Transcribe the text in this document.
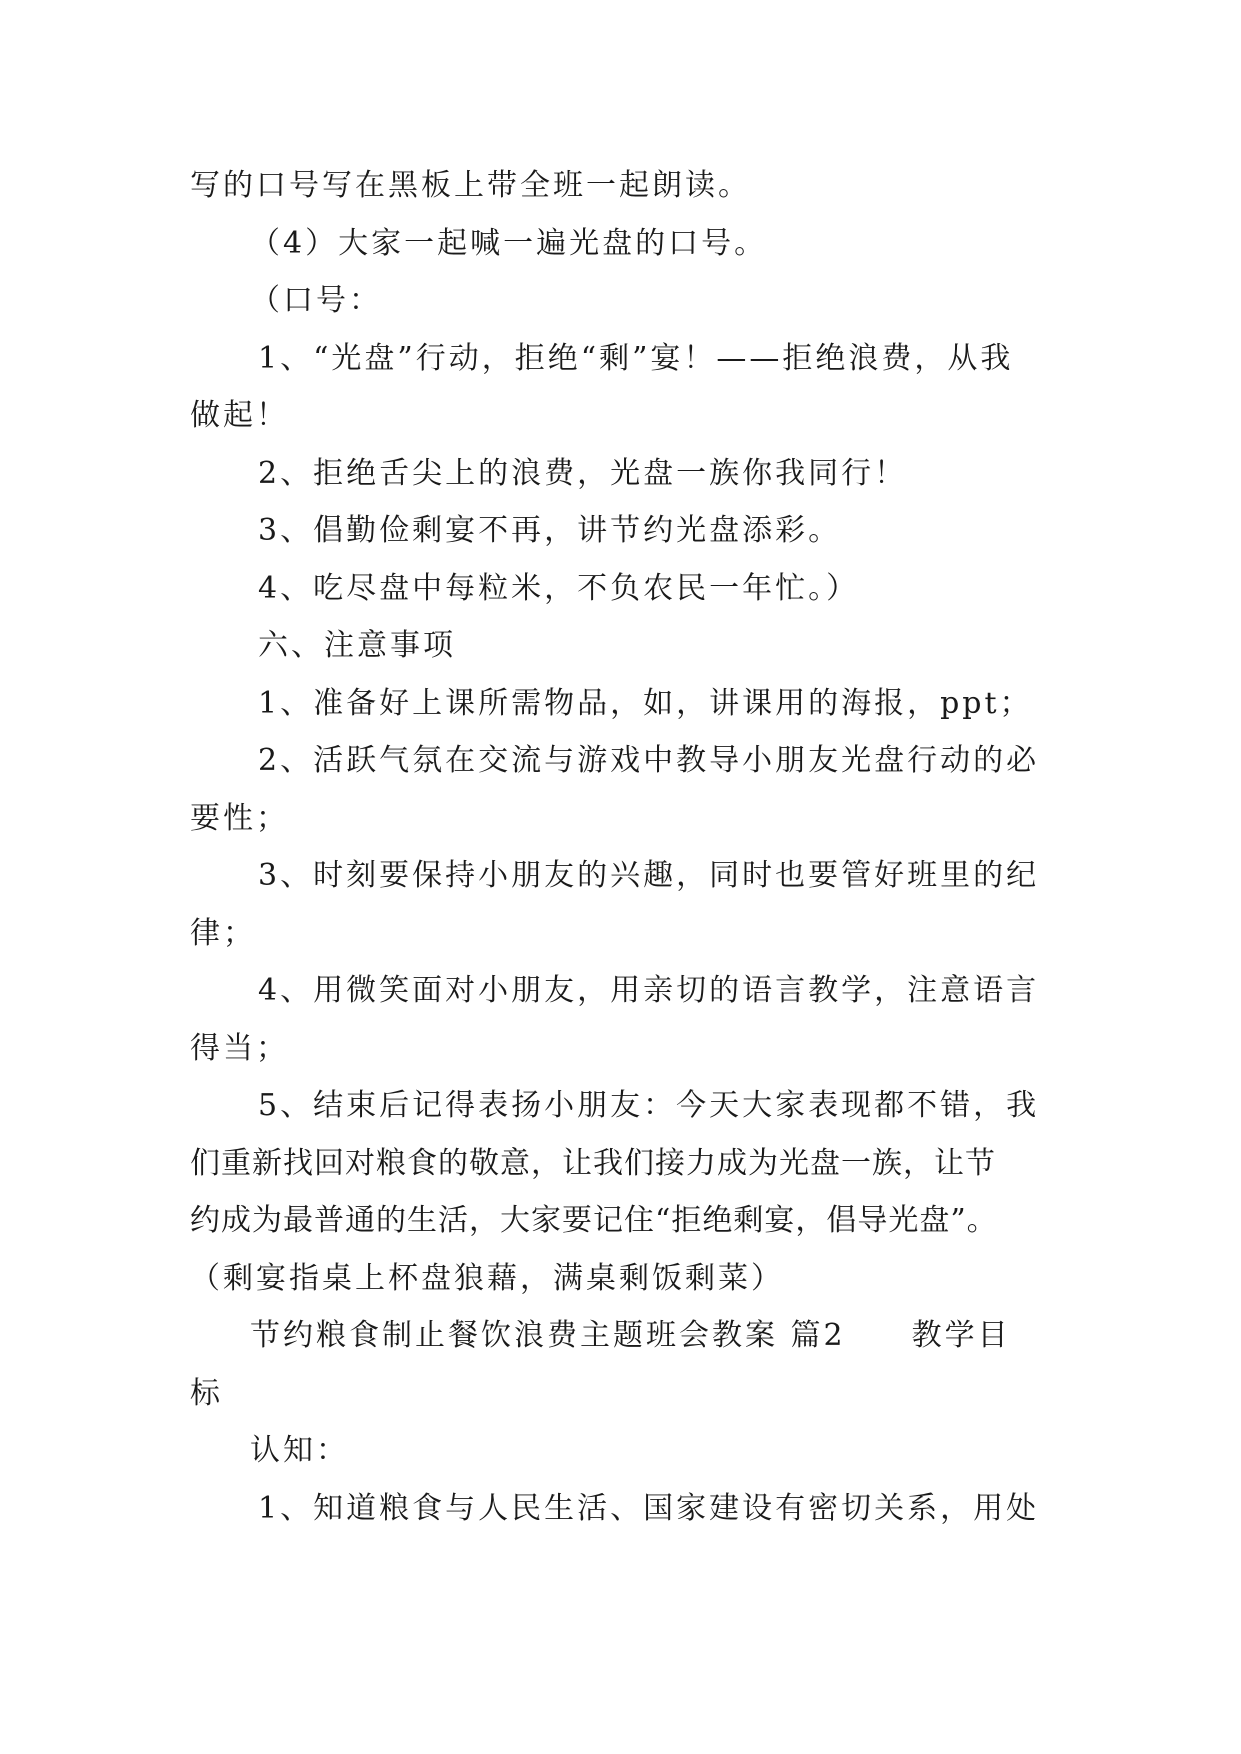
写的口号写在黑板上带全班一起朗读。
（4）大家一起喊一遍光盘的口号。
（口号：
1、“光盘”行动，拒绝“剩”宴！——拒绝浪费，从我
做起！
2、拒绝舌尖上的浪费，光盘一族你我同行！
3、倡勤俭剩宴不再，讲节约光盘添彩。
4、吃尽盘中每粒米，不负农民一年忙。）
六、注意事项
1、准备好上课所需物品，如，讲课用的海报，ppt；
2、活跃气氛在交流与游戏中教导小朋友光盘行动的必
要性；
3、时刻要保持小朋友的兴趣，同时也要管好班里的纪
律；
4、用微笑面对小朋友，用亲切的语言教学，注意语言
得当；
5、结束后记得表扬小朋友：今天大家表现都不错，我
们重新找回对粮食的敬意，让我们接力成为光盘一族，让节
约成为最普通的生活，大家要记住“拒绝剩宴，倡导光盘”。
（剩宴指桌上杯盘狼藉，满桌剩饭剩菜）
节约粮食制止餐饮浪费主题班会教案 篇2　　教学目
标
认知：
1、知道粮食与人民生活、国家建设有密切关系，用处
